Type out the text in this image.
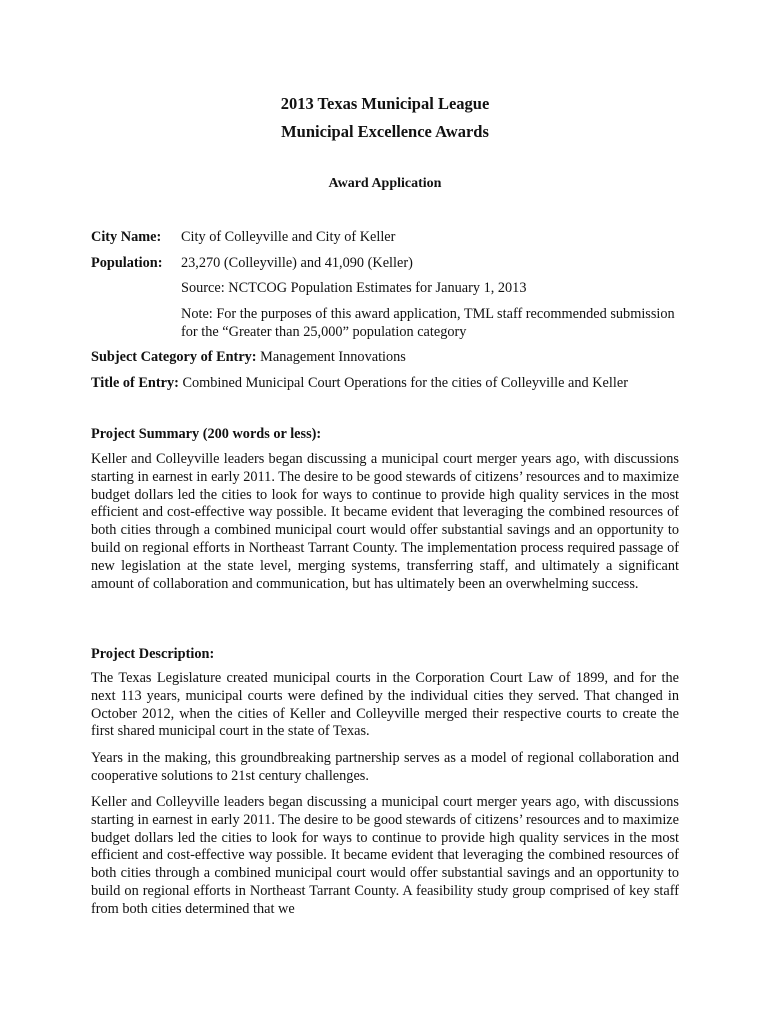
2013 Texas Municipal League
Municipal Excellence Awards
Award Application
City Name: City of Colleyville and City of Keller
Population: 23,270 (Colleyville) and 41,090 (Keller)
Source: NCTCOG Population Estimates for January 1, 2013
Note: For the purposes of this award application, TML staff recommended submission for the “Greater than 25,000” population category
Subject Category of Entry: Management Innovations
Title of Entry: Combined Municipal Court Operations for the cities of Colleyville and Keller
Project Summary (200 words or less):
Keller and Colleyville leaders began discussing a municipal court merger years ago, with discussions starting in earnest in early 2011. The desire to be good stewards of citizens’ resources and to maximize budget dollars led the cities to look for ways to continue to provide high quality services in the most efficient and cost-effective way possible. It became evident that leveraging the combined resources of both cities through a combined municipal court would offer substantial savings and an opportunity to build on regional efforts in Northeast Tarrant County. The implementation process required passage of new legislation at the state level, merging systems, transferring staff, and ultimately a significant amount of collaboration and communication, but has ultimately been an overwhelming success.
Project Description:
The Texas Legislature created municipal courts in the Corporation Court Law of 1899, and for the next 113 years, municipal courts were defined by the individual cities they served. That changed in October 2012, when the cities of Keller and Colleyville merged their respective courts to create the first shared municipal court in the state of Texas.
Years in the making, this groundbreaking partnership serves as a model of regional collaboration and cooperative solutions to 21st century challenges.
Keller and Colleyville leaders began discussing a municipal court merger years ago, with discussions starting in earnest in early 2011. The desire to be good stewards of citizens’ resources and to maximize budget dollars led the cities to look for ways to continue to provide high quality services in the most efficient and cost-effective way possible. It became evident that leveraging the combined resources of both cities through a combined municipal court would offer substantial savings and an opportunity to build on regional efforts in Northeast Tarrant County. A feasibility study group comprised of key staff from both cities determined that we
